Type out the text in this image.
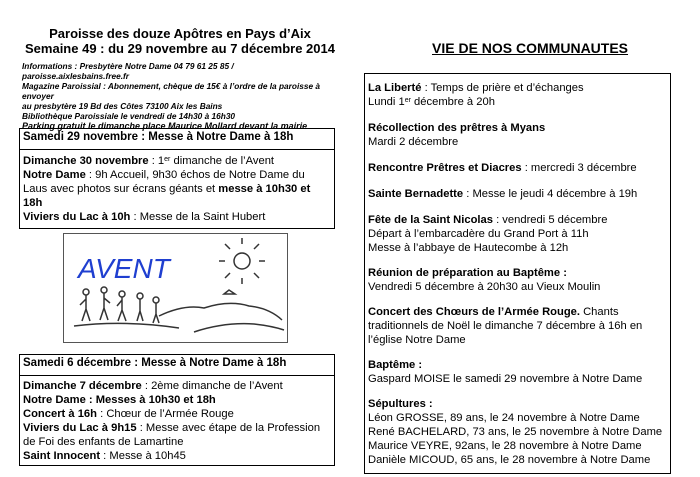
Paroisse des douze Apôtres en Pays d’Aix
Semaine 49 : du 29 novembre au 7 décembre 2014
Informations : Presbytère Notre Dame 04 79 61 25 85 /
paroisse.aixlesbains.free.fr
Magazine Paroissial : Abonnement, chèque de 15€ à l’ordre de la paroisse à envoyer
au presbytère 19 Bd des Côtes 73100 Aix les Bains
Bibliothèque Paroissiale le vendredi de 14h30 à 16h30
Parking gratuit le dimanche place Maurice Mollard devant la mairie
Samedi 29 novembre : Messe à Notre Dame à 18h
Dimanche 30 novembre : 1er dimanche de l’Avent
Notre Dame : 9h Accueil, 9h30 échos de Notre Dame du Laus avec photos sur écrans géants et messe à 10h30 et 18h
Viviers du Lac à 10h : Messe de la Saint Hubert
AVENT
Samedi 6 décembre : Messe à Notre Dame à 18h
Dimanche 7 décembre : 2ème dimanche de l’Avent
Notre Dame : Messes à 10h30 et 18h
Concert à 16h : Chœur de l’Armée Rouge
Viviers du Lac à 9h15 : Messe avec étape de la Profession de Foi des enfants de Lamartine
Saint Innocent : Messe à 10h45
VIE DE NOS COMMUNAUTES
La Liberté : Temps de prière et d’échanges
Lundi 1er décembre à 20h
Récollection des prêtres à Myans
Mardi 2 décembre
Rencontre Prêtres et Diacres : mercredi 3 décembre
Sainte Bernadette : Messe le jeudi 4 décembre à 19h
Fête de la Saint Nicolas : vendredi 5 décembre
Départ à l’embarcadère du Grand Port à 11h
Messe à l’abbaye de Hautecombe à 12h
Réunion de préparation au Baptême :
Vendredi 5 décembre à 20h30 au Vieux Moulin
Concert des Chœurs de l’Armée Rouge. Chants traditionnels de Noël le dimanche 7 décembre à 16h en l’église Notre Dame
Baptême :
Gaspard MOISE le samedi 29 novembre à Notre Dame
Sépultures :
Léon GROSSE, 89 ans, le 24 novembre à Notre Dame
René BACHELARD, 73 ans, le 25 novembre à Notre Dame
Maurice VEYRE, 92ans, le 28 novembre à Notre Dame
Danièle MICOUD, 65 ans, le 28 novembre à Notre Dame
